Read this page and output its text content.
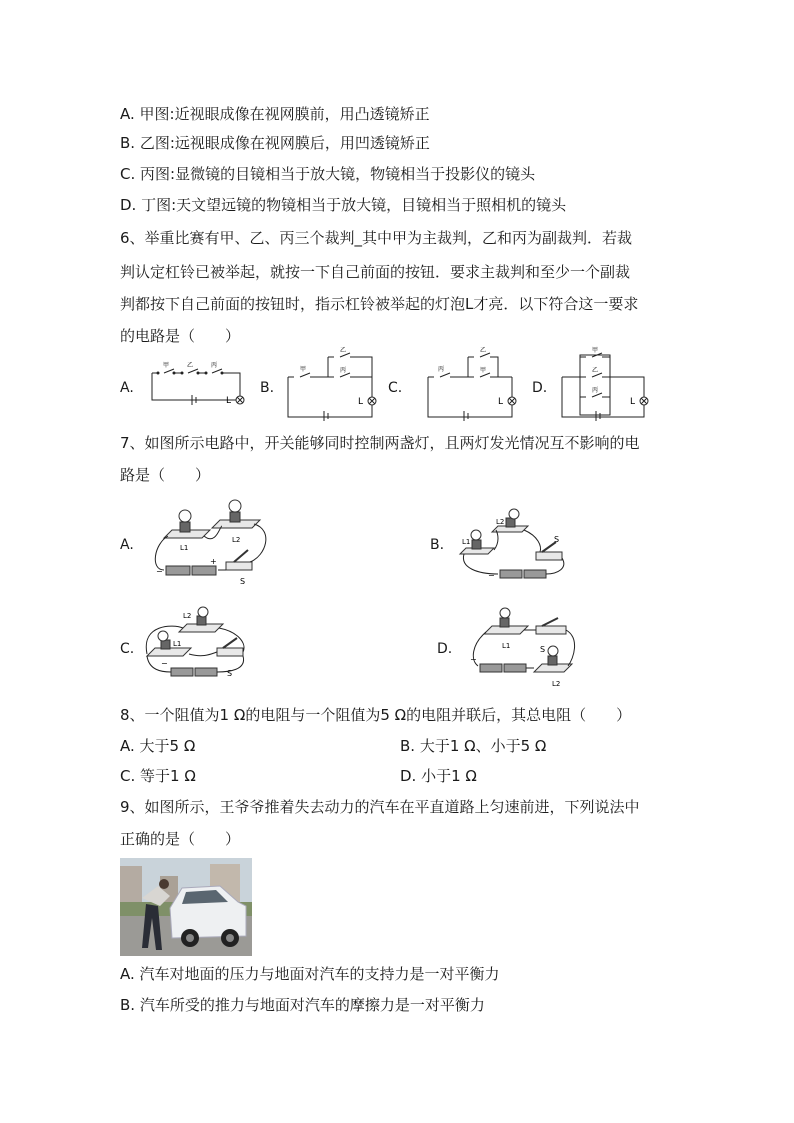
A. 甲图:近视眼成像在视网膜前，用凸透镜矫正
B. 乙图:远视眼成像在视网膜后，用凹透镜矫正
C. 丙图:显微镜的目镜相当于放大镜，物镜相当于投影仪的镜头
D. 丁图:天文望远镜的物镜相当于放大镜，目镜相当于照相机的镜头
6、举重比赛有甲、乙、丙三个裁判_其中甲为主裁判，乙和丙为副裁判．若裁
判认定杠铃已被举起，就按一下自己前面的按钮．要求主裁判和至少一个副裁
判都按下自己前面的按钮时，指示杠铃被举起的灯泡L才亮．以下符合这一要求
的电路是（　　）
A.	B.	C.	D.
甲	乙	丙
L
甲
乙
丙
L
丙
乙
甲
L
甲
乙
丙
L
7、如图所示电路中，开关能够同时控制两盏灯，且两灯发光情况互不影响的电
路是（　　）
A.	B.
C.	D.
L1
L2
S
−
+
L2
L1	S
−
L2
L1
S
−
L1	S
L2
−
8、一个阻值为1 Ω的电阻与一个阻值为5 Ω的电阻并联后，其总电阻（　　）
A. 大于5 Ω	B. 大于1 Ω、小于5 Ω
C. 等于1 Ω	D. 小于1 Ω
9、如图所示，王爷爷推着失去动力的汽车在平直道路上匀速前进，下列说法中
正确的是（　　）
A. 汽车对地面的压力与地面对汽车的支持力是一对平衡力
B. 汽车所受的推力与地面对汽车的摩擦力是一对平衡力
